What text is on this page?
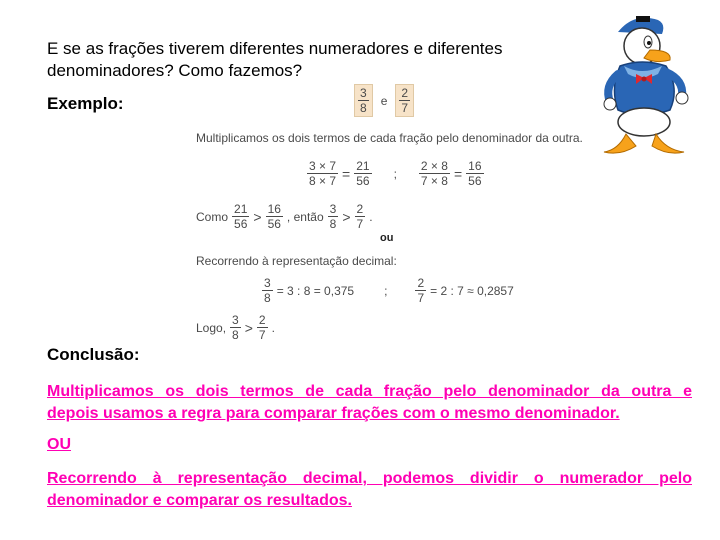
E se as frações tiverem diferentes numeradores e diferentes denominadores? Como fazemos?
Exemplo:	$\frac{3}{8}$ e $\frac{2}{7}$
Multiplicamos os dois termos de cada fração pelo denominador da outra.
$\frac{3 \times 7}{8 \times 7} = \frac{21}{56}$ ; $\frac{2 \times 8}{7 \times 8} = \frac{16}{56}$
Como $\frac{21}{56} > \frac{16}{56}$ , então $\frac{3}{8} > \frac{2}{7}$ .
ou
Recorrendo à representação decimal:
$\frac{3}{8} = 3$ : 8 = 0,375	; $\frac{2}{7} = 2$ : 7 ≈ 0,2857
Logo, $\frac{3}{8} > \frac{2}{7}$ .
Conclusão:
Multiplicamos os dois termos de cada fração pelo denominador da outra e
depois usamos a regra para comparar frações com o mesmo denominador.
OU
Recorrendo à representação decimal, podemos dividir o numerador pelo
denominador e comparar os resultados.
